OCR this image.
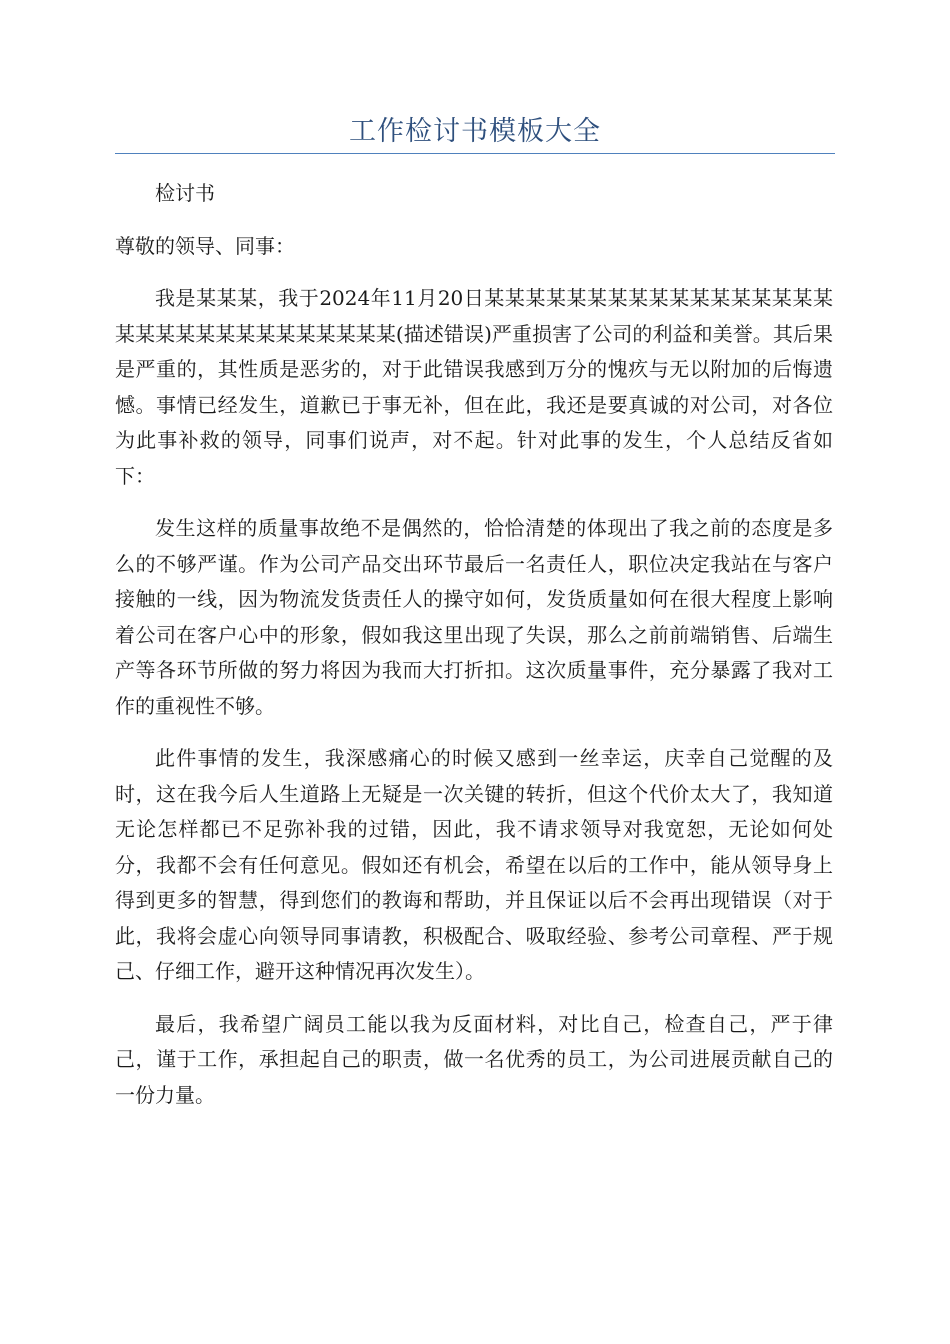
工作检讨书模板大全

检讨书

尊敬的领导、同事：

我是某某某，我于2024年11月20日某某某某某某某某某某某某某某某某某某某某某某某某某某某某某某某(描述错误)严重损害了公司的利益和美誉。其后果是严重的，其性质是恶劣的，对于此错误我感到万分的愧疚与无以附加的后悔遗憾。事情已经发生，道歉已于事无补，但在此，我还是要真诚的对公司，对各位为此事补救的领导，同事们说声，对不起。针对此事的发生，个人总结反省如下：

发生这样的质量事故绝不是偶然的，恰恰清楚的体现出了我之前的态度是多么的不够严谨。作为公司产品交出环节最后一名责任人，职位决定我站在与客户接触的一线，因为物流发货责任人的操守如何，发货质量如何在很大程度上影响着公司在客户心中的形象，假如我这里出现了失误，那么之前前端销售、后端生产等各环节所做的努力将因为我而大打折扣。这次质量事件，充分暴露了我对工作的重视性不够。

此件事情的发生，我深感痛心的时候又感到一丝幸运，庆幸自己觉醒的及时，这在我今后人生道路上无疑是一次关键的转折，但这个代价太大了，我知道无论怎样都已不足弥补我的过错，因此，我不请求领导对我宽恕，无论如何处分，我都不会有任何意见。假如还有机会，希望在以后的工作中，能从领导身上得到更多的智慧，得到您们的教诲和帮助，并且保证以后不会再出现错误（对于此，我将会虚心向领导同事请教，积极配合、吸取经验、参考公司章程、严于规己、仔细工作，避开这种情况再次发生）。

最后，我希望广阔员工能以我为反面材料，对比自己，检查自己，严于律己，谨于工作，承担起自己的职责，做一名优秀的员工，为公司进展贡献自己的一份力量。
